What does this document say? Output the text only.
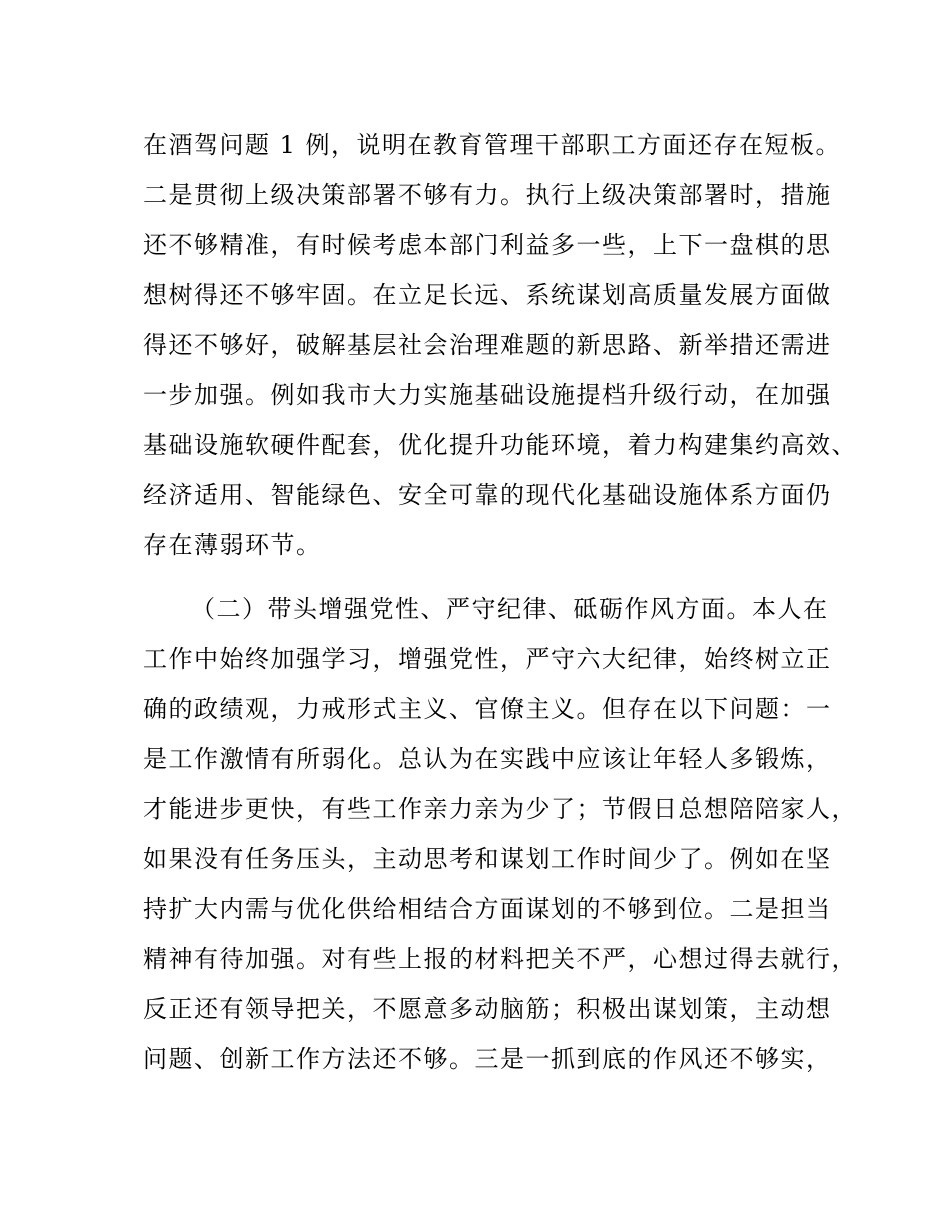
在酒驾问题 1 例，说明在教育管理干部职工方面还存在短板。
二是贯彻上级决策部署不够有力。执行上级决策部署时，措施
还不够精准，有时候考虑本部门利益多一些，上下一盘棋的思
想树得还不够牢固。在立足长远、系统谋划高质量发展方面做
得还不够好，破解基层社会治理难题的新思路、新举措还需进
一步加强。例如我市大力实施基础设施提档升级行动，在加强
基础设施软硬件配套，优化提升功能环境，着力构建集约高效、
经济适用、智能绿色、安全可靠的现代化基础设施体系方面仍
存在薄弱环节。
（二）带头增强党性、严守纪律、砥砺作风方面。本人在
工作中始终加强学习，增强党性，严守六大纪律，始终树立正
确的政绩观，力戒形式主义、官僚主义。但存在以下问题：一
是工作激情有所弱化。总认为在实践中应该让年轻人多锻炼，
才能进步更快，有些工作亲力亲为少了；节假日总想陪陪家人，
如果没有任务压头，主动思考和谋划工作时间少了。例如在坚
持扩大内需与优化供给相结合方面谋划的不够到位。二是担当
精神有待加强。对有些上报的材料把关不严，心想过得去就行，
反正还有领导把关，不愿意多动脑筋；积极出谋划策，主动想
问题、创新工作方法还不够。三是一抓到底的作风还不够实，
